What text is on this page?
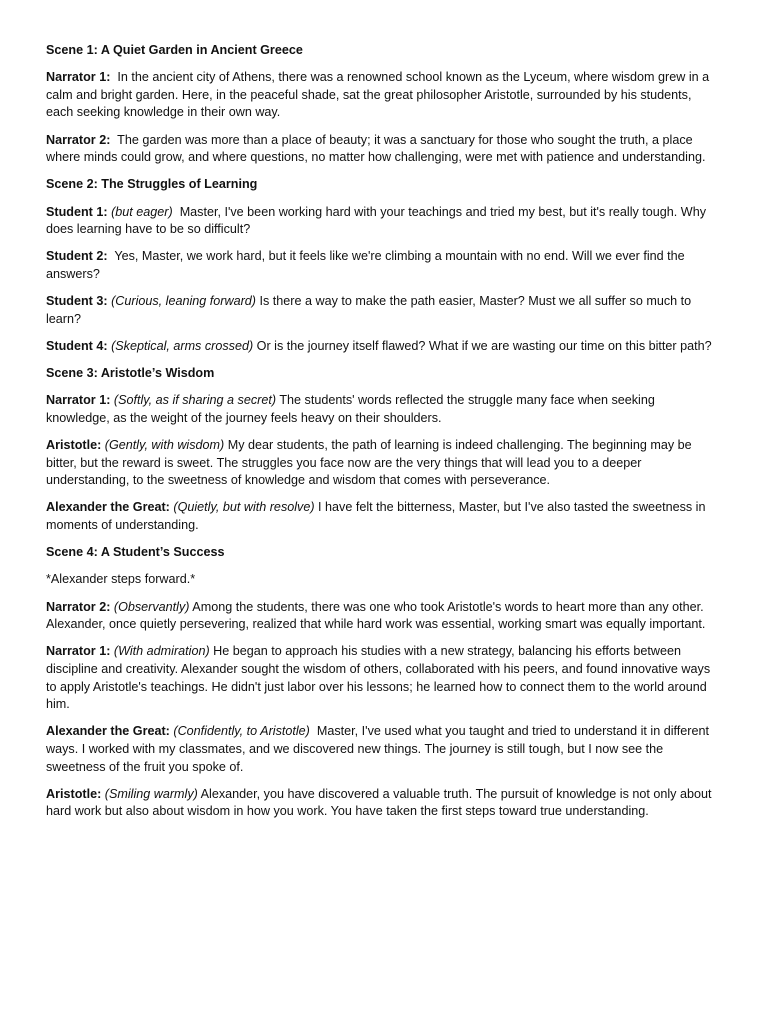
Scene 1: A Quiet Garden in Ancient Greece

Narrator 1: In the ancient city of Athens, there was a renowned school known as the Lyceum, where wisdom grew in a calm and bright garden. Here, in the peaceful shade, sat the great philosopher Aristotle, surrounded by his students, each seeking knowledge in their own way.

Narrator 2: The garden was more than a place of beauty; it was a sanctuary for those who sought the truth, a place where minds could grow, and where questions, no matter how challenging, were met with patience and understanding.

Scene 2: The Struggles of Learning

Student 1: (but eager) Master, I've been working hard with your teachings and tried my best, but it's really tough. Why does learning have to be so difficult?

Student 2: Yes, Master, we work hard, but it feels like we're climbing a mountain with no end. Will we ever find the answers?

Student 3: (Curious, leaning forward) Is there a way to make the path easier, Master? Must we all suffer so much to learn?

Student 4: (Skeptical, arms crossed) Or is the journey itself flawed? What if we are wasting our time on this bitter path?

Scene 3: Aristotle’s Wisdom

Narrator 1: (Softly, as if sharing a secret) The students' words reflected the struggle many face when seeking knowledge, as the weight of the journey feels heavy on their shoulders.

Aristotle: (Gently, with wisdom) My dear students, the path of learning is indeed challenging. The beginning may be bitter, but the reward is sweet. The struggles you face now are the very things that will lead you to a deeper understanding, to the sweetness of knowledge and wisdom that comes with perseverance.

Alexander the Great: (Quietly, but with resolve) I have felt the bitterness, Master, but I've also tasted the sweetness in moments of understanding.

Scene 4: A Student’s Success

*Alexander steps forward.*

Narrator 2: (Observantly) Among the students, there was one who took Aristotle's words to heart more than any other. Alexander, once quietly persevering, realized that while hard work was essential, working smart was equally important.

Narrator 1: (With admiration) He began to approach his studies with a new strategy, balancing his efforts between discipline and creativity. Alexander sought the wisdom of others, collaborated with his peers, and found innovative ways to apply Aristotle's teachings. He didn't just labor over his lessons; he learned how to connect them to the world around him.

Alexander the Great: (Confidently, to Aristotle) Master, I've used what you taught and tried to understand it in different ways. I worked with my classmates, and we discovered new things. The journey is still tough, but I now see the sweetness of the fruit you spoke of.

Aristotle: (Smiling warmly) Alexander, you have discovered a valuable truth. The pursuit of knowledge is not only about hard work but also about wisdom in how you work. You have taken the first steps toward true understanding.
